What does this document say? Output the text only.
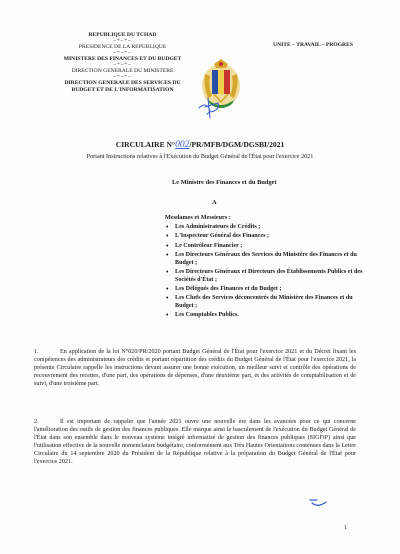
REPUBLIQUE DU TCHAD
~*~*~
PRESIDENCE DE LA REPUBLIQUE
~*~*~
MINISTERE DES FINANCES ET DU BUDGET
~*~*~
DIRECTION GENERALE DU MINISTERE
~*~*~
DIRECTION GENERALE DES SERVICES DU
BUDGET ET DE L'INFORMATISATION
UNITE – TRAVAIL – PROGRES
CIRCULAIRE N°002/PR/MFB/DGM/DGSBI/2021
Portant Instructions relatives à l'Exécution du Budget Général de l'État pour l'exercice 2021
Le Ministre des Finances et du Budget
A
Mesdames et Messieurs :
• Les Administrateurs de Crédits ;
• L'Inspecteur Général des Finances ;
• Le Contrôleur Financier ;
• Les Directeurs Généraux des Services du Ministère des Finances et du Budget ;
• Les Directeurs Généraux et Directeurs des Établissements Publics et des Sociétés d'État ;
• Les Délégués des Finances et du Budget ;
• Les Chefs des Services déconcentrés du Ministère des Finances et du Budget ;
• Les Comptables Publics.

1.	En application de la loi N°020/PR/2020 portant Budget Général de l'État pour l'exercice 2021 et du Décret fixant les compétences des administrateurs des crédits et portant répartition des crédits du Budget Général de l'État pour l'exercice 2021, la présente Circulaire rappelle les instructions devant assurer une bonne exécution, un meilleur suivi et contrôle des opérations de recouvrement des recettes, d'une part, des opérations de dépenses, d'une deuxième part, et des activités de comptabilisation et de suivi, d'une troisième part.

2.	Il est important de rappeler que l'année 2021 ouvre une nouvelle ère dans les avancées pour ce qui concerne l'amélioration des outils de gestion des finances publiques. Elle marque ainsi le basculement de l'exécution du Budget Général de l'État dans son ensemble dans le nouveau système intégré informatisé de gestion des finances publiques (SIGFiP) ainsi que l'utilisation effective de la nouvelle nomenclature budgétaire, conformément aux Très Hautes Orientations contenues dans la Lettre Circulaire du 14 septembre 2020 du Président de la République relative à la préparation du Budget Général de l'État pour l'exercice 2021.

1
